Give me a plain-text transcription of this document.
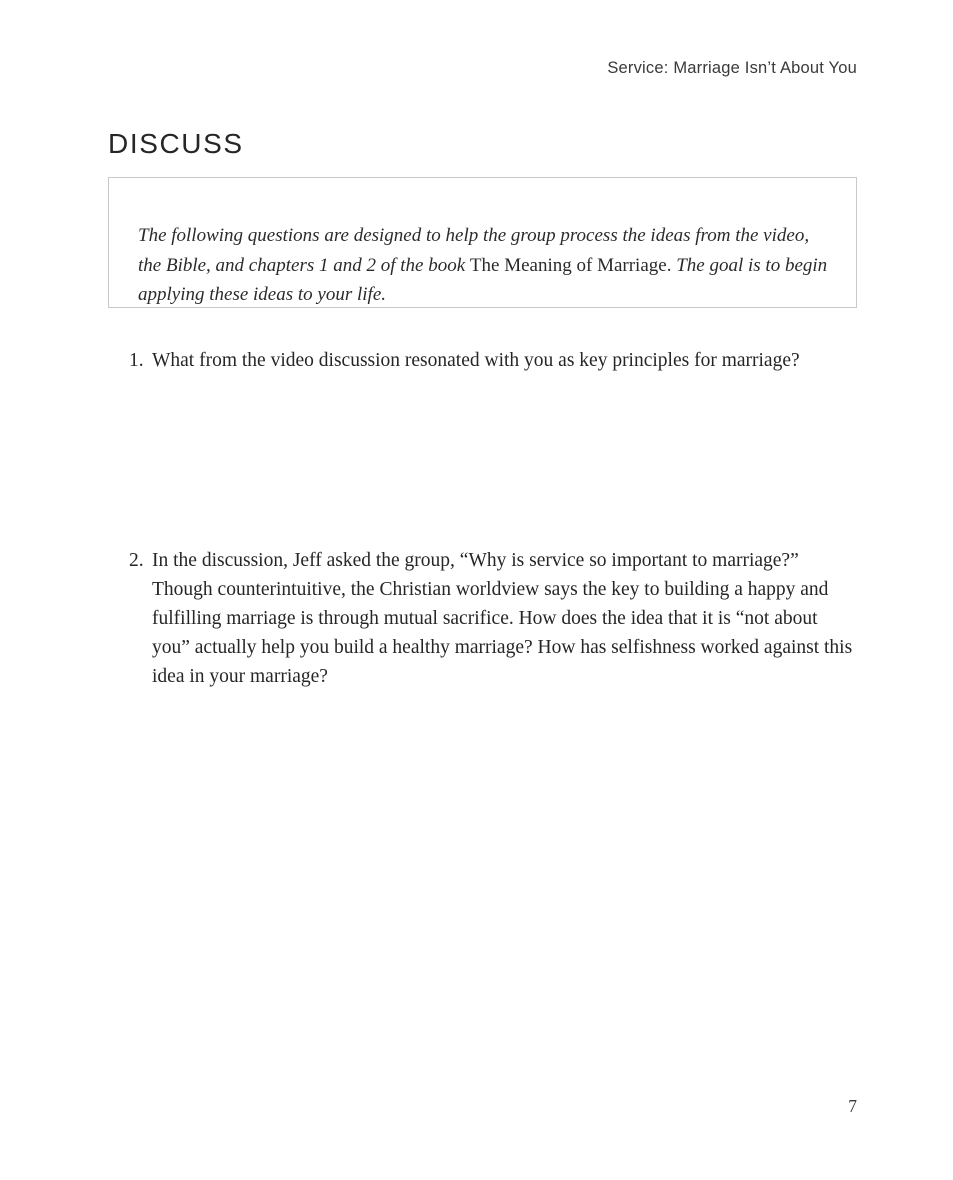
Service: Marriage Isn’t About You
DISCUSS

The following questions are designed to help the group process the ideas from the video, the Bible, and chapters 1 and 2 of the book The Meaning of Marriage. The goal is to begin applying these ideas to your life.

1. What from the video discussion resonated with you as key principles for marriage?
2. In the discussion, Jeff asked the group, “Why is service so important to marriage?” Though counterintuitive, the Christian worldview says the key to building a happy and fulfilling marriage is through mutual sacrifice. How does the idea that it is “not about you” actually help you build a healthy marriage? How has selfishness worked against this idea in your marriage?
7
